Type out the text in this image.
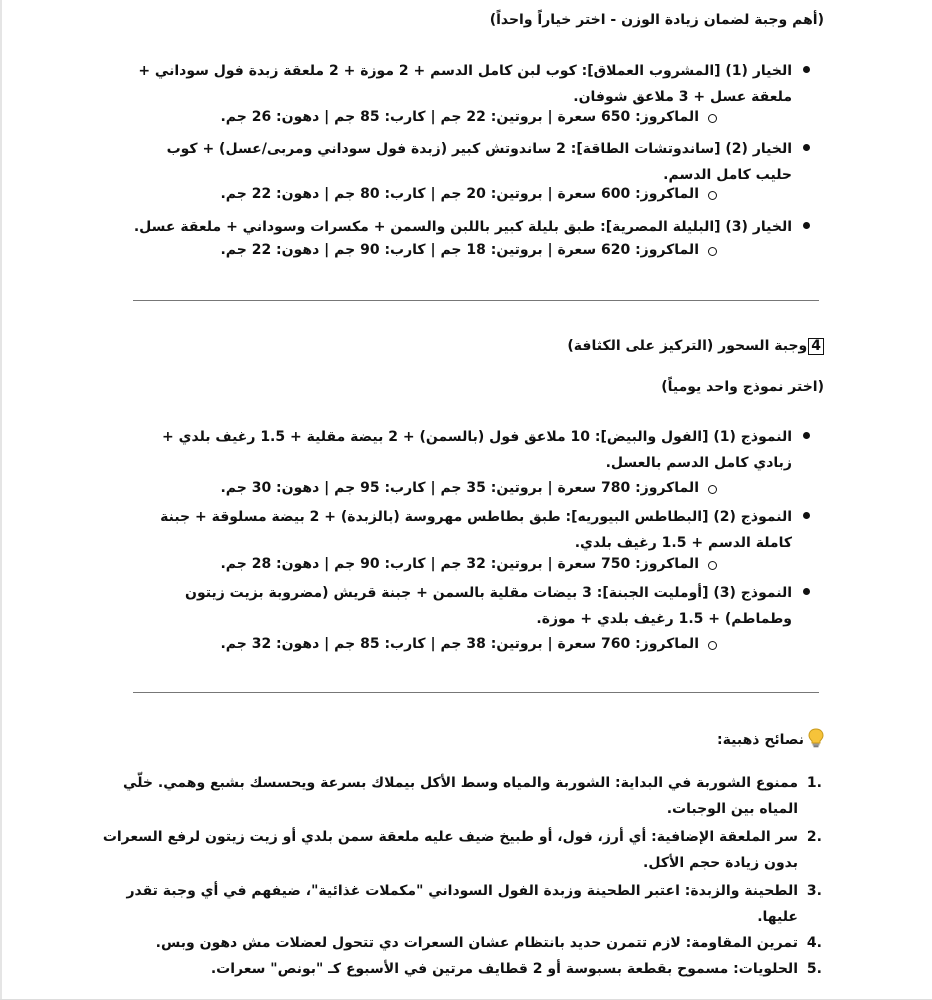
(أهم وجبة لضمان زيادة الوزن - اختر خياراً واحداً)
الخيار (1) [المشروب العملاق]: كوب لبن كامل الدسم + 2 موزة + 2 ملعقة زبدة فول سوداني + ملعقة عسل + 3 ملاعق شوفان.
الماكروز: 650 سعرة | بروتين: 22 جم | كارب: 85 جم | دهون: 26 جم.
الخيار (2) [ساندوتشات الطاقة]: 2 ساندوتش كبير (زبدة فول سوداني ومربى/عسل) + كوب حليب كامل الدسم.
الماكروز: 600 سعرة | بروتين: 20 جم | كارب: 80 جم | دهون: 22 جم.
الخيار (3) [البليلة المصرية]: طبق بليلة كبير باللبن والسمن + مكسرات وسوداني + ملعقة عسل.
الماكروز: 620 سعرة | بروتين: 18 جم | كارب: 90 جم | دهون: 22 جم.
4وجبة السحور (التركيز على الكثافة)
(اختر نموذج واحد يومياً)
النموذج (1) [الفول والبيض]: 10 ملاعق فول (بالسمن) + 2 بيضة مقلية + 1.5 رغيف بلدي + زبادي كامل الدسم بالعسل.
الماكروز: 780 سعرة | بروتين: 35 جم | كارب: 95 جم | دهون: 30 جم.
النموذج (2) [البطاطس البيوريه]: طبق بطاطس مهروسة (بالزبدة) + 2 بيضة مسلوقة + جبنة كاملة الدسم + 1.5 رغيف بلدي.
الماكروز: 750 سعرة | بروتين: 32 جم | كارب: 90 جم | دهون: 28 جم.
النموذج (3) [أومليت الجبنة]: 3 بيضات مقلية بالسمن + جبنة قريش (مضروبة بزيت زيتون وطماطم) + 1.5 رغيف بلدي + موزة.
الماكروز: 760 سعرة | بروتين: 38 جم | كارب: 85 جم | دهون: 32 جم.
نصائح ذهبية:
.1
ممنوع الشوربة في البداية: الشوربة والمياه وسط الأكل بيملاك بسرعة ويحسسك بشبع وهمي. خلّي المياه بين الوجبات.
.2
سر الملعقة الإضافية: أي أرز، فول، أو طبيخ ضيف عليه ملعقة سمن بلدي أو زيت زيتون لرفع السعرات بدون زيادة حجم الأكل.
.3
الطحينة والزبدة: اعتبر الطحينة وزبدة الفول السوداني "مكملات غذائية"، ضيفهم في أي وجبة تقدر عليها.
.4
تمرين المقاومة: لازم تتمرن حديد بانتظام عشان السعرات دي تتحول لعضلات مش دهون وبس.
.5
الحلويات: مسموح بقطعة بسبوسة أو 2 قطايف مرتين في الأسبوع كـ "بونص" سعرات.
